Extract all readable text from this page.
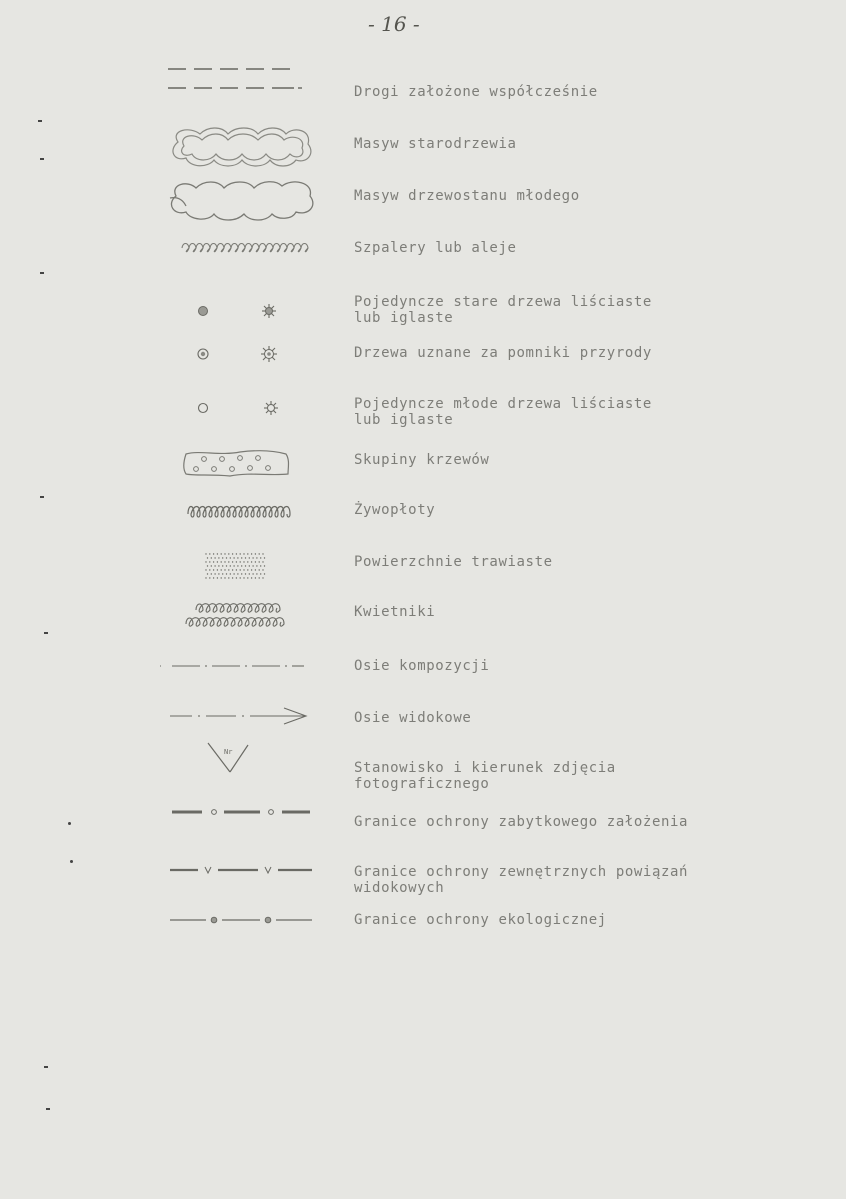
- 16 -
Drogi założone współcześnie
Masyw starodrzewia
Masyw drzewostanu młodego
Szpalery lub aleje
Pojedyncze stare drzewa liściaste
lub iglaste
Drzewa uznane za pomniki przyrody
Pojedyncze młode drzewa liściaste
lub iglaste
Skupiny krzewów
Żywopłoty
Powierzchnie trawiaste
Kwietniki
Osie kompozycji
Osie widokowe
Nr
Stanowisko i kierunek zdjęcia
fotograficznego
Granice ochrony zabytkowego założenia
Granice ochrony zewnętrznych powiązań
widokowych
Granice ochrony ekologicznej
